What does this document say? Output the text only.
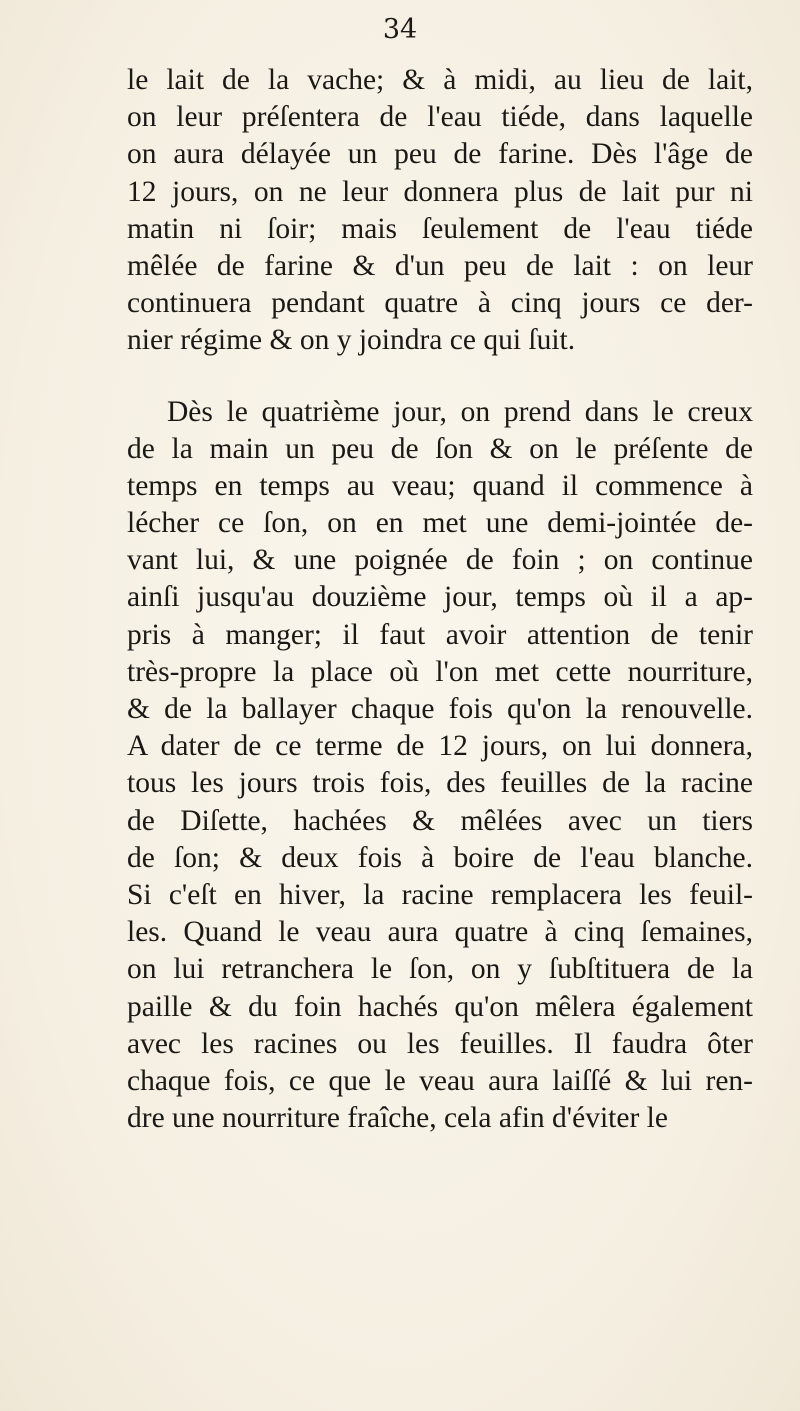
34
le lait de la vache; & à midi, au lieu de lait,
on leur préſentera de l'eau tiéde, dans laquelle
on aura délayée un peu de farine. Dès l'âge de
12 jours, on ne leur donnera plus de lait pur ni
matin ni ſoir; mais ſeulement de l'eau tiéde
mêlée de farine & d'un peu de lait : on leur
continuera pendant quatre à cinq jours ce der-
nier régime & on y joindra ce qui ſuit.
Dès le quatrième jour, on prend dans le creux
de la main un peu de ſon & on le préſente de
temps en temps au veau; quand il commence à
lécher ce ſon, on en met une demi-jointée de-
vant lui, & une poignée de foin ; on continue
ainſi jusqu'au douzième jour, temps où il a ap-
pris à manger; il faut avoir attention de tenir
très-propre la place où l'on met cette nourriture,
& de la ballayer chaque fois qu'on la renouvelle.
A dater de ce terme de 12 jours, on lui donnera,
tous les jours trois fois, des feuilles de la racine
de Diſette, hachées & mêlées avec un tiers
de ſon; & deux fois à boire de l'eau blanche.
Si c'eſt en hiver, la racine remplacera les feuil-
les. Quand le veau aura quatre à cinq ſemaines,
on lui retranchera le ſon, on y ſubſtituera de la
paille & du foin hachés qu'on mêlera également
avec les racines ou les feuilles. Il faudra ôter
chaque fois, ce que le veau aura laiſſé & lui ren-
dre une nourriture fraîche, cela afin d'éviter le
